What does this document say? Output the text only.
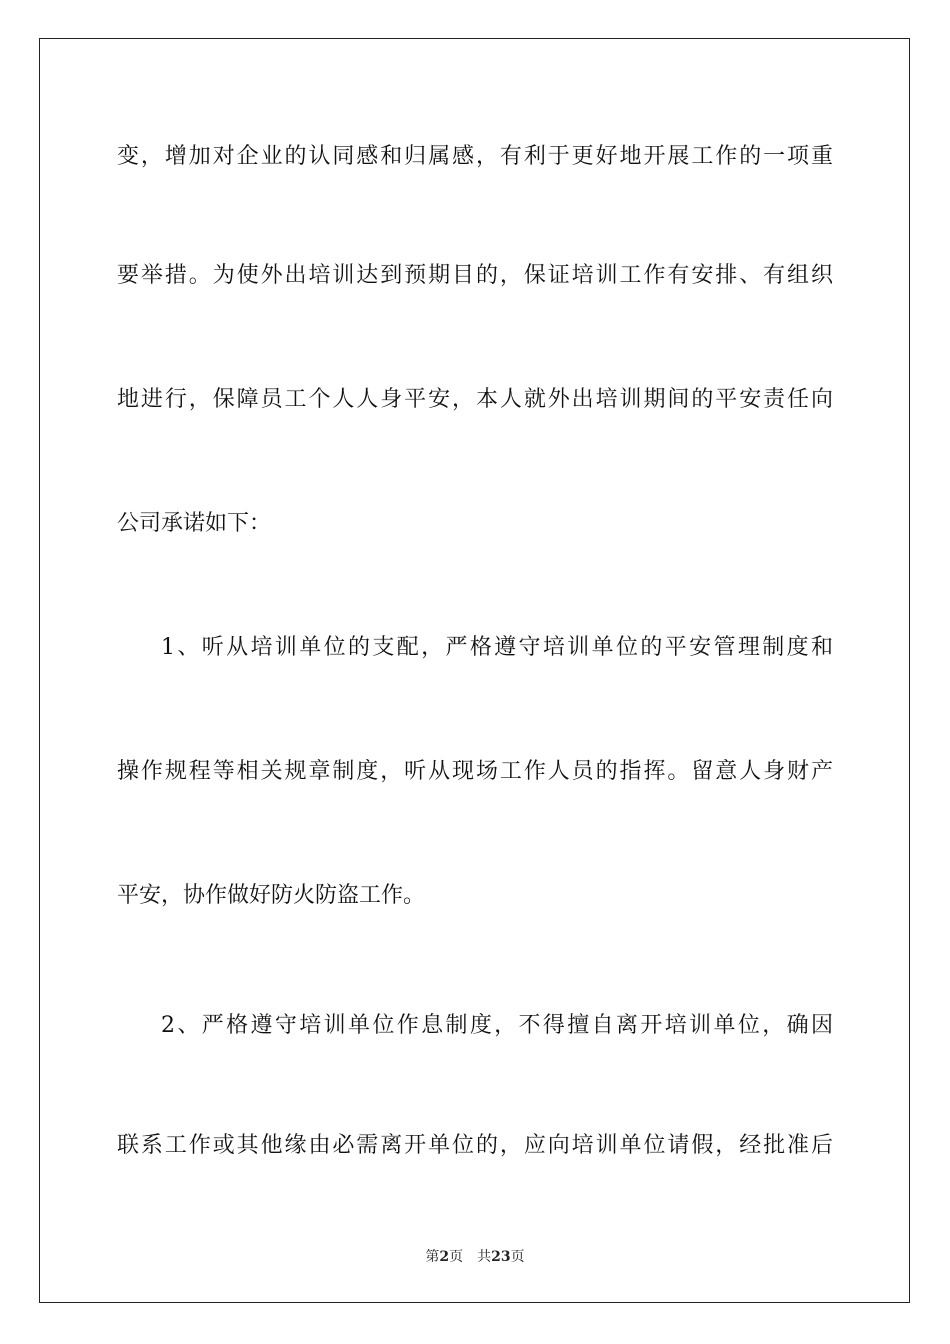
变，增加对企业的认同感和归属感，有利于更好地开展工作的一项重
要举措。为使外出培训达到预期目的，保证培训工作有安排、有组织
地进行，保障员工个人人身平安，本人就外出培训期间的平安责任向
公司承诺如下：
1、听从培训单位的支配，严格遵守培训单位的平安管理制度和
操作规程等相关规章制度，听从现场工作人员的指挥。留意人身财产
平安，协作做好防火防盗工作。
2、严格遵守培训单位作息制度，不得擅自离开培训单位，确因
联系工作或其他缘由必需离开单位的，应向培训单位请假，经批准后
第2页 共23页
